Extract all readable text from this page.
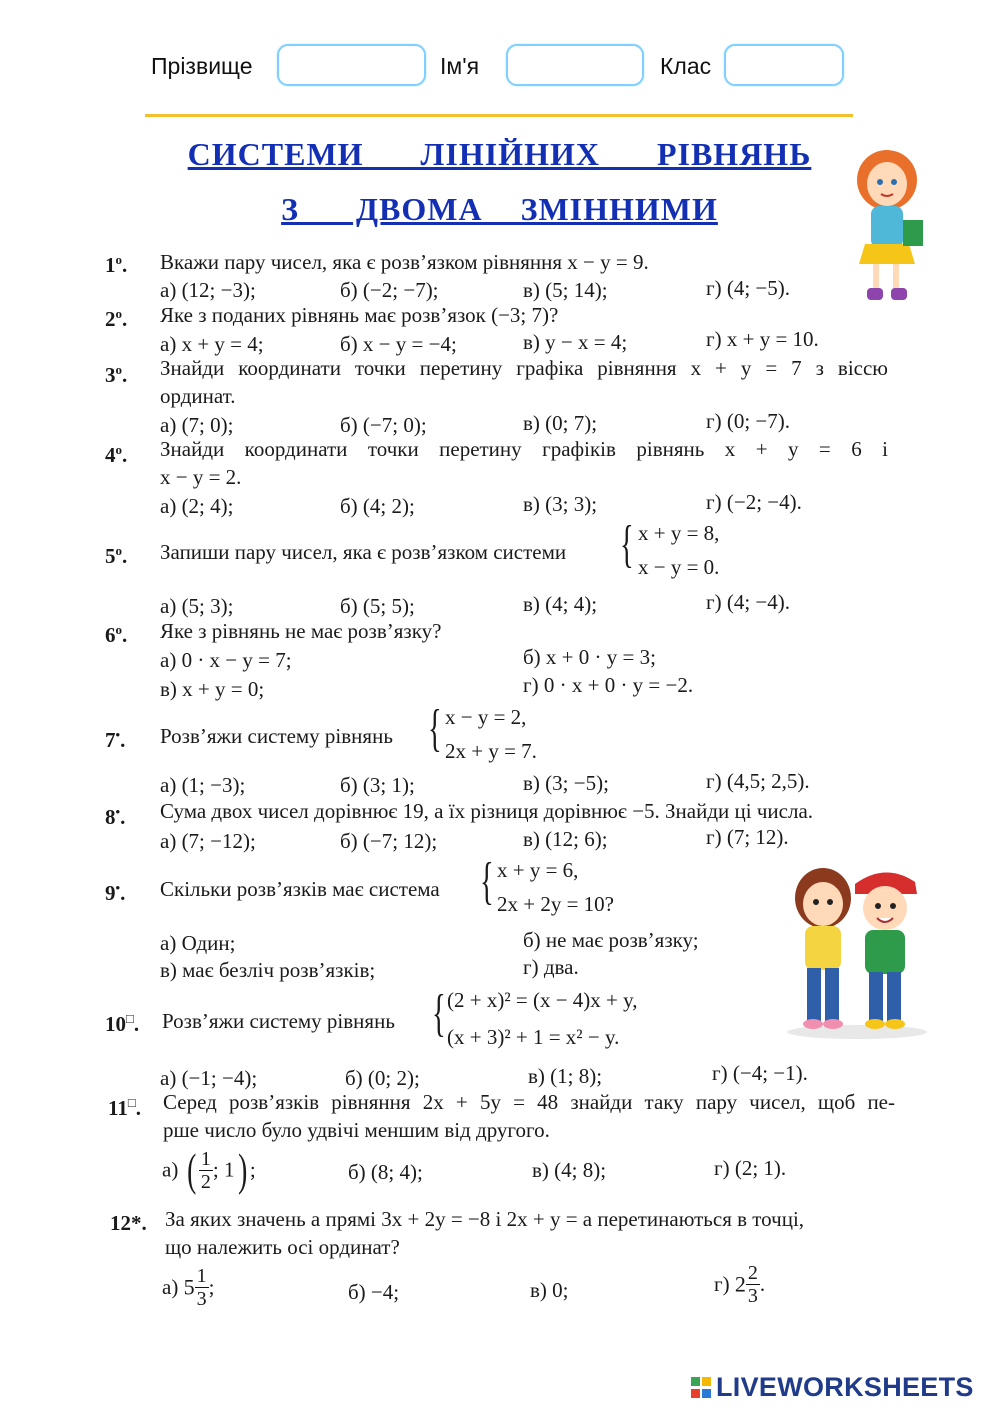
Прізвище	Ім'я	Клас
СИСТЕМИ   ЛІНІЙНИХ   РІВНЯНЬ
З   ДВОМА  ЗМІННИМИ
$1^о$. Вкажи пару чисел, яка є розв’язком рівняння x − y = 9.
а) (12; −3);	б) (−2; −7);	в) (5; 14);	г) (4; −5).
$2^о$. Яке з поданих рівнянь має розв’язок (−3; 7)?
а) x + y = 4;	б) x − y = −4;	в) y − x = 4;	г) x + y = 10.
$3^о$. Знайди координати точки перетину графіка рівняння x + y = 7 з віссю
ординат.
а) (7; 0);	б) (−7; 0);	в) (0; 7);	г) (0; −7).
$4^о$. Знайди координати точки перетину графіків рівнянь x + y = 6 і
x − y = 2.
а) (2; 4);	б) (4; 2);	в) (3; 3);	г) (−2; −4).
$5^о$. Запиши пару чисел, яка є розв’язком системи { x + y = 8,
x − y = 0.
а) (5; 3);	б) (5; 5);	в) (4; 4);	г) (4; −4).
$6^о$. Яке з рівнянь не має розв’язку?
а) 0 · x − y = 7;	б) x + 0 · y = 3;
в) x + y = 0;	г) 0 · x + 0 · y = −2.
7•. Розв’яжи систему рівнянь { x − y = 2,
2x + y = 7.
а) (1; −3);	б) (3; 1);	в) (3; −5);	г) (4,5; 2,5).
8•. Сума двох чисел дорівнює 19, а їх різниця дорівнює −5. Знайди ці числа.
а) (7; −12);	б) (−7; 12);	в) (12; 6);	г) (7; 12).
9•. Скільки розв’язків має система { x + y = 6,
2x + 2y = 10?
а) Один;	б) не має розв’язку;
в) має безліч розв’язків;	г) два.
10□. Розв’яжи систему рівнянь { (2 + x)² = (x − 4)x + y,
(x + 3)² + 1 = x² − y.
а) (−1; −4);	б) (0; 2);	в) (1; 8);	г) (−4; −1).
11□. Серед розв’язків рівняння 2x + 5y = 48 знайди таку пару чисел, щоб пе-
рше число було удвічі меншим від другого.
а) ( $\frac{1}{2}$ ; 1) ;	б) (8; 4);	в) (4; 8);	г) (2; 1).
12*. За яких значень a прямі 3x + 2y = −8 і 2x + y = a перетинаються в точці,
що належить осі ординат?
а) $5 \frac{1}{3}$ ;	б) −4;	в) 0;	г) $2 \frac{2}{3}$ .
LIVEWORKSHEETS
